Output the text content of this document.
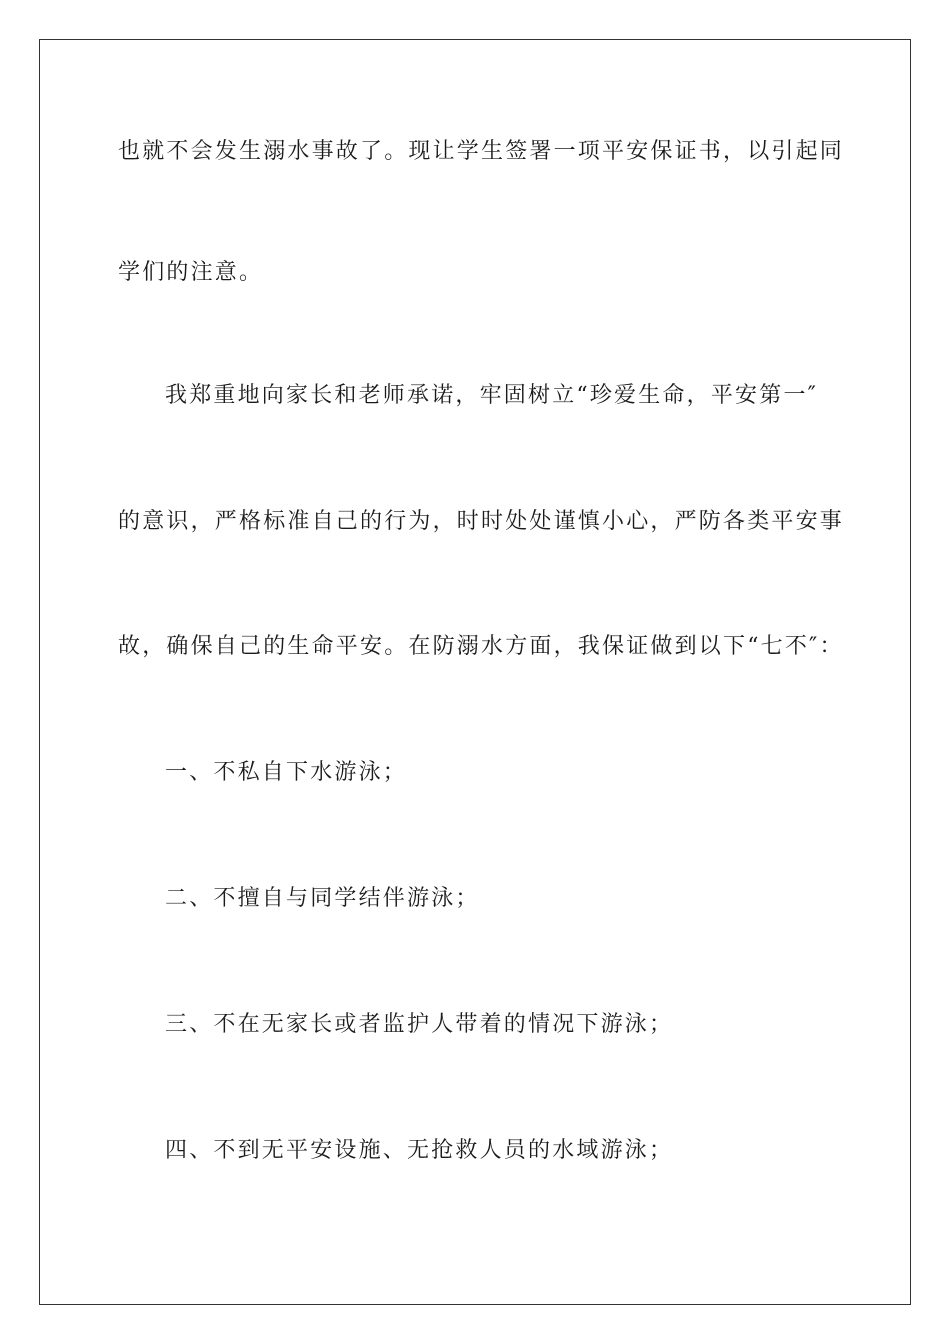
也就不会发生溺水事故了。现让学生签署一项平安保证书，以引起同
学们的注意。
我郑重地向家长和老师承诺，牢固树立“珍爱生命，平安第一″
的意识，严格标准自己的行为，时时处处谨慎小心，严防各类平安事
故，确保自己的生命平安。在防溺水方面，我保证做到以下“七不″：
一、不私自下水游泳；
二、不擅自与同学结伴游泳；
三、不在无家长或者监护人带着的情况下游泳；
四、不到无平安设施、无抢救人员的水域游泳；
